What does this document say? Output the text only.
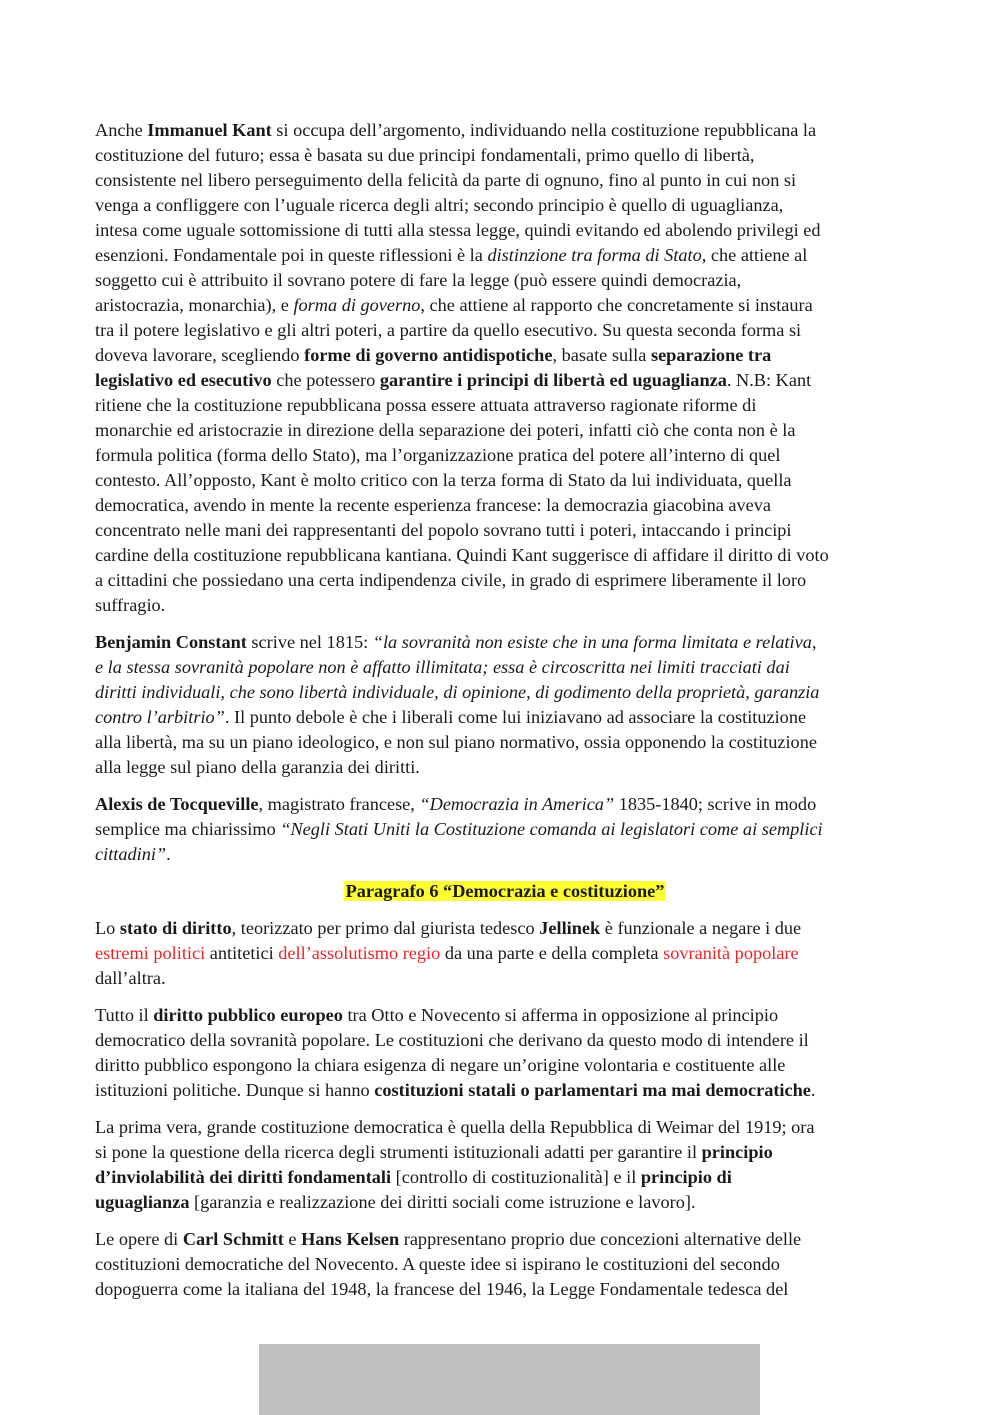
Anche Immanuel Kant si occupa dell’argomento, individuando nella costituzione repubblicana la
costituzione del futuro; essa è basata su due principi fondamentali, primo quello di libertà,
consistente nel libero perseguimento della felicità da parte di ognuno, fino al punto in cui non si
venga a confliggere con l’uguale ricerca degli altri; secondo principio è quello di uguaglianza,
intesa come uguale sottomissione di tutti alla stessa legge, quindi evitando ed abolendo privilegi ed
esenzioni. Fondamentale poi in queste riflessioni è la distinzione tra forma di Stato, che attiene al
soggetto cui è attribuito il sovrano potere di fare la legge (può essere quindi democrazia,
aristocrazia, monarchia), e forma di governo, che attiene al rapporto che concretamente si instaura
tra il potere legislativo e gli altri poteri, a partire da quello esecutivo. Su questa seconda forma si
doveva lavorare, scegliendo forme di governo antidispotiche, basate sulla separazione tra
legislativo ed esecutivo che potessero garantire i principi di libertà ed uguaglianza. N.B: Kant
ritiene che la costituzione repubblicana possa essere attuata attraverso ragionate riforme di
monarchie ed aristocrazie in direzione della separazione dei poteri, infatti ciò che conta non è la
formula politica (forma dello Stato), ma l’organizzazione pratica del potere all’interno di quel
contesto. All’opposto, Kant è molto critico con la terza forma di Stato da lui individuata, quella
democratica, avendo in mente la recente esperienza francese: la democrazia giacobina aveva
concentrato nelle mani dei rappresentanti del popolo sovrano tutti i poteri, intaccando i principi
cardine della costituzione repubblicana kantiana. Quindi Kant suggerisce di affidare il diritto di voto
a cittadini che possiedano una certa indipendenza civile, in grado di esprimere liberamente il loro
suffragio.

Benjamin Constant scrive nel 1815: “la sovranità non esiste che in una forma limitata e relativa,
e la stessa sovranità popolare non è affatto illimitata; essa è circoscritta nei limiti tracciati dai
diritti individuali, che sono libertà individuale, di opinione, di godimento della proprietà, garanzia
contro l’arbitrio”. Il punto debole è che i liberali come lui iniziavano ad associare la costituzione
alla libertà, ma su un piano ideologico, e non sul piano normativo, ossia opponendo la costituzione
alla legge sul piano della garanzia dei diritti.

Alexis de Tocqueville, magistrato francese, “Democrazia in America” 1835-1840; scrive in modo
semplice ma chiarissimo “Negli Stati Uniti la Costituzione comanda ai legislatori come ai semplici
cittadini”.

Paragrafo 6 “Democrazia e costituzione”

Lo stato di diritto, teorizzato per primo dal giurista tedesco Jellinek è funzionale a negare i due
estremi politici antitetici dell’assolutismo regio da una parte e della completa sovranità popolare
dall’altra.

Tutto il diritto pubblico europeo tra Otto e Novecento si afferma in opposizione al principio
democratico della sovranità popolare. Le costituzioni che derivano da questo modo di intendere il
diritto pubblico espongono la chiara esigenza di negare un’origine volontaria e costituente alle
istituzioni politiche. Dunque si hanno costituzioni statali o parlamentari ma mai democratiche.

La prima vera, grande costituzione democratica è quella della Repubblica di Weimar del 1919; ora
si pone la questione della ricerca degli strumenti istituzionali adatti per garantire il principio
d’inviolabilità dei diritti fondamentali [controllo di costituzionalità] e il principio di
uguaglianza [garanzia e realizzazione dei diritti sociali come istruzione e lavoro].

Le opere di Carl Schmitt e Hans Kelsen rappresentano proprio due concezioni alternative delle
costituzioni democratiche del Novecento. A queste idee si ispirano le costituzioni del secondo
dopoguerra come la italiana del 1948, la francese del 1946, la Legge Fondamentale tedesca del
